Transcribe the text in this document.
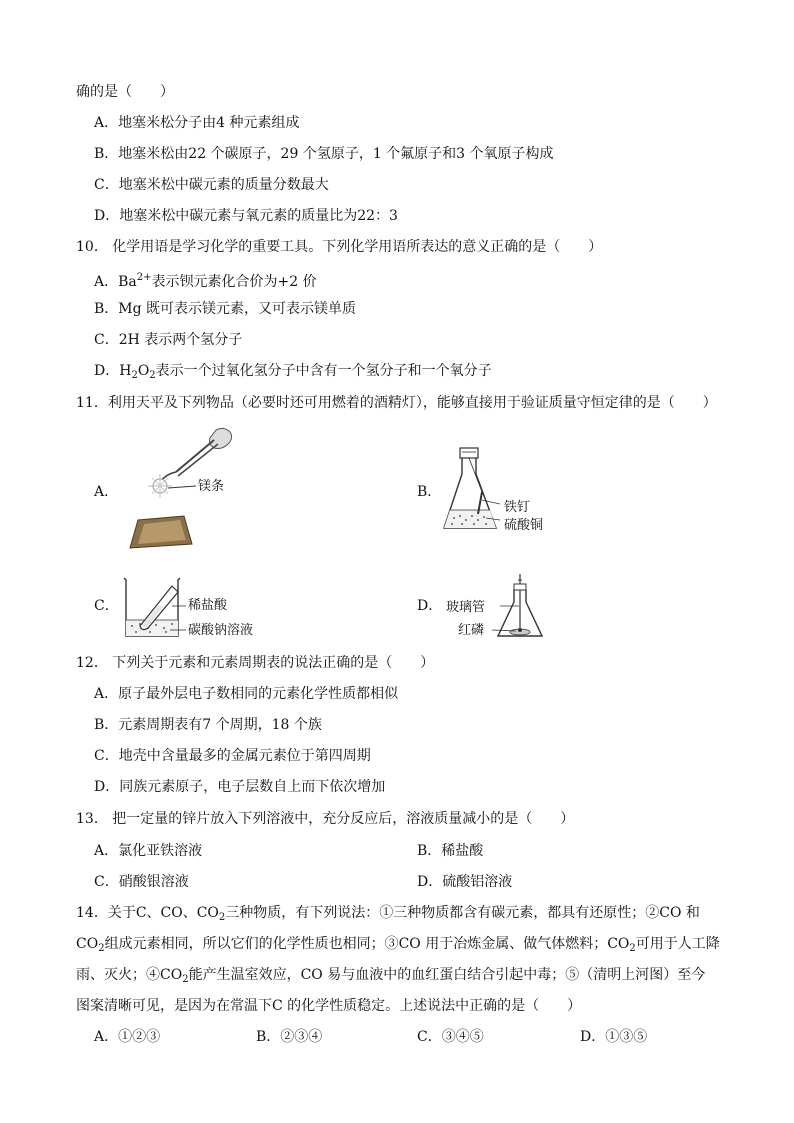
确的是（　　）
A．地塞米松分子由4 种元素组成
B．地塞米松由22 个碳原子，29 个氢原子，1 个氟原子和3 个氧原子构成
C．地塞米松中碳元素的质量分数最大
D．地塞米松中碳元素与氧元素的质量比为22：3
10． 化学用语是学习化学的重要工具。下列化学用语所表达的意义正确的是（　　）
A．$Ba^{2+}$表示钡元素化合价为+2 价
B．Mg 既可表示镁元素，又可表示镁单质
C．2H 表示两个氢分子
D．$H_2O_2$表示一个过氧化氢分子中含有一个氢分子和一个氧分子
11．利用天平及下列物品（必要时还可用燃着的酒精灯），能够直接用于验证质量守恒定律的是（　　）
A．	镁条	B．
铁钉
硫酸铜
C．	稀盐酸
碳酸钠溶液
D． 玻璃管
红磷
12． 下列关于元素和元素周期表的说法正确的是（　　）
A．原子最外层电子数相同的元素化学性质都相似
B．元素周期表有7 个周期，18 个族
C．地壳中含量最多的金属元素位于第四周期
D．同族元素原子，电子层数自上而下依次增加
13． 把一定量的锌片放入下列溶液中，充分反应后，溶液质量减小的是（　　）
A．氯化亚铁溶液	B．稀盐酸
C．硝酸银溶液	D．硫酸铝溶液
14．关于C、CO、$CO_2$三种物质，有下列说法：①三种物质都含有碳元素，都具有还原性；②CO 和
$CO_2$组成元素相同，所以它们的化学性质也相同；③CO 用于冶炼金属、做气体燃料；$CO_2$可用于人工降
雨、灭火；$④CO_2$能产生温室效应，CO 易与血液中的血红蛋白结合引起中毒；⑤（清明上河图）至今
图案清晰可见，是因为在常温下C 的化学性质稳定。上述说法中正确的是（　　）
A．①②③	B．②③④	C．③④⑤	D．①③⑤
